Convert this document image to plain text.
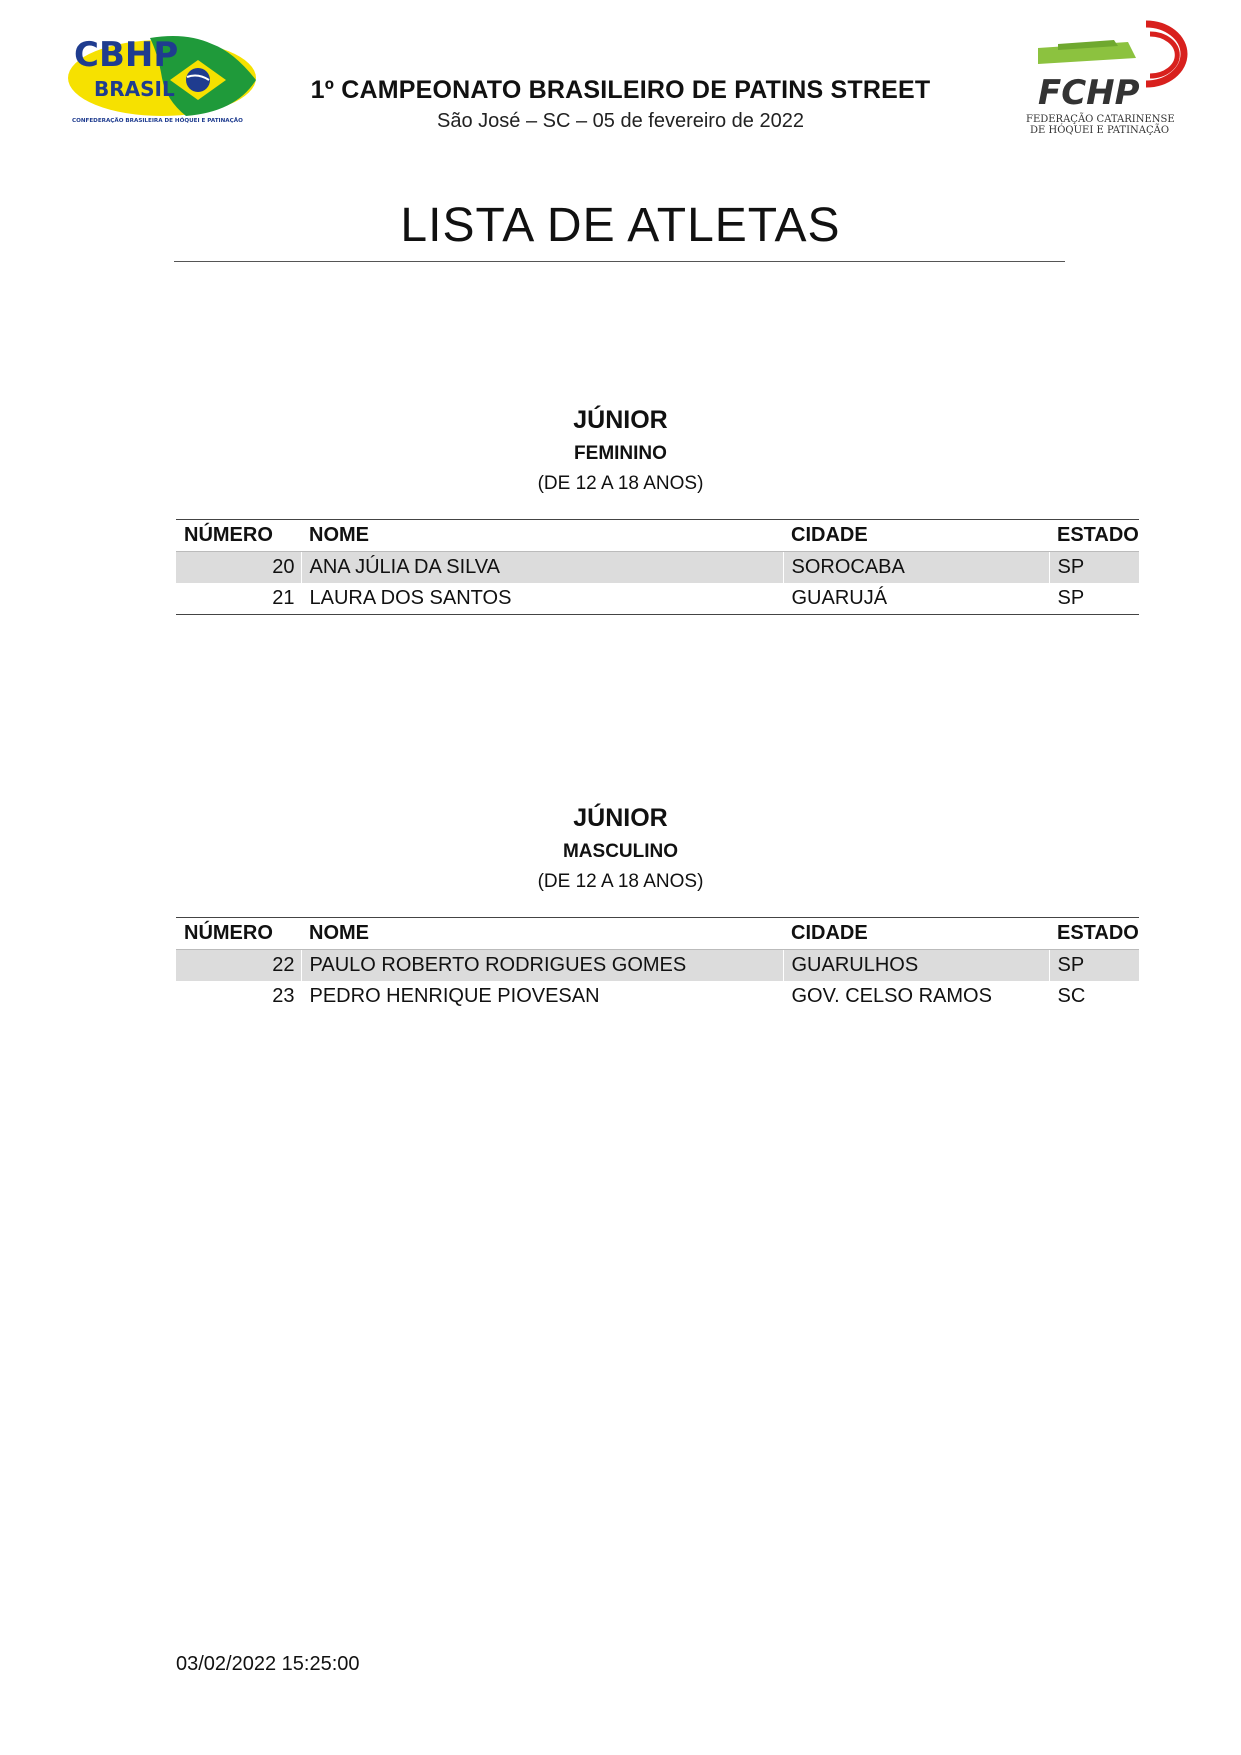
CBHP
BRASIL
CONFEDERAÇÃO BRASILEIRA DE HÓQUEI E PATINAÇÃO
1º CAMPEONATO BRASILEIRO DE PATINS STREET
São José – SC – 05 de fevereiro de 2022
FCHP
FEDERAÇÃO CATARINENSE
DE HÓQUEI E PATINAÇÃO
LISTA DE ATLETAS
JÚNIOR
FEMININO
(DE 12 A 18 ANOS)
NÚMERO	NOME	CIDADE	ESTADO
20	ANA JÚLIA DA SILVA	SOROCABA	SP
21	LAURA DOS SANTOS	GUARUJÁ	SP
JÚNIOR
MASCULINO
(DE 12 A 18 ANOS)
NÚMERO	NOME	CIDADE	ESTADO
22	PAULO ROBERTO RODRIGUES GOMES	GUARULHOS	SP
23	PEDRO HENRIQUE PIOVESAN	GOV. CELSO RAMOS	SC
03/02/2022 15:25:00
